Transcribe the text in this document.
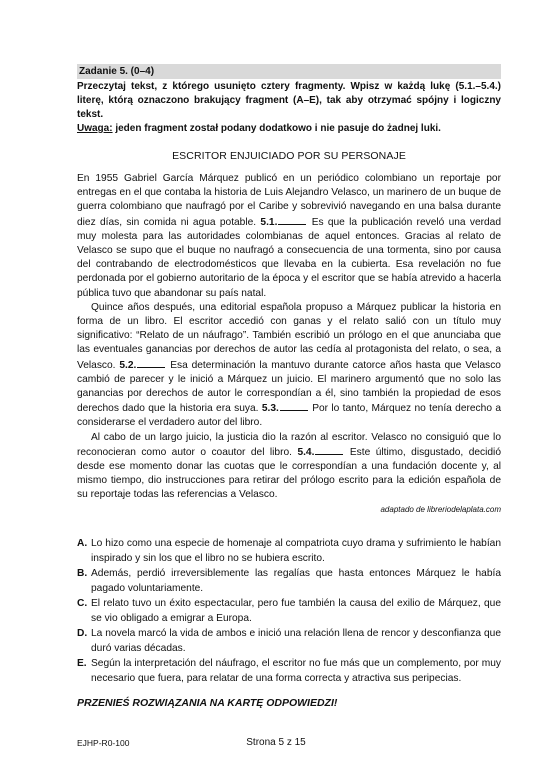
Zadanie 5. (0–4)
Przeczytaj tekst, z którego usunięto cztery fragmenty. Wpisz w każdą lukę (5.1.–5.4.) literę, którą oznaczono brakujący fragment (A–E), tak aby otrzymać spójny i logiczny tekst.
Uwaga: jeden fragment został podany dodatkowo i nie pasuje do żadnej luki.
ESCRITOR ENJUICIADO POR SU PERSONAJE

En 1955 Gabriel García Márquez publicó en un periódico colombiano un reportaje por entregas en el que contaba la historia de Luis Alejandro Velasco, un marinero de un buque de guerra colombiano que naufragó por el Caribe y sobrevivió navegando en una balsa durante diez días, sin comida ni agua potable. 5.1.	Es que la publicación reveló una verdad muy molesta para las autoridades colombianas de aquel entonces. Gracias al relato de Velasco se supo que el buque no naufragó a consecuencia de una tormenta, sino por causa del contrabando de electrodomésticos que llevaba en la cubierta. Esa revelación no fue perdonada por el gobierno autoritario de la época y el escritor que se había atrevido a hacerla pública tuvo que abandonar su país natal.

Quince años después, una editorial española propuso a Márquez publicar la historia en forma de un libro. El escritor accedió con ganas y el relato salió con un título muy significativo: “Relato de un náufrago”. También escribió un prólogo en el que anunciaba que las eventuales ganancias por derechos de autor las cedía al protagonista del relato, o sea, a Velasco. 5.2.	Esa determinación la mantuvo durante catorce años hasta que Velasco cambió de parecer y le inició a Márquez un juicio. El marinero argumentó que no solo las ganancias por derechos de autor le correspondían a él, sino también la propiedad de esos derechos dado que la historia era suya. 5.3.	Por lo tanto, Márquez no tenía derecho a considerarse el verdadero autor del libro.

Al cabo de un largo juicio, la justicia dio la razón al escritor. Velasco no consiguió que lo reconocieran como autor o coautor del libro. 5.4.	Este último, disgustado, decidió desde ese momento donar las cuotas que le correspondían a una fundación docente y, al mismo tiempo, dio instrucciones para retirar del prólogo escrito para la edición española de su reportaje todas las referencias a Velasco.

adaptado de librerіodelaplata.com
A. Lo hizo como una especie de homenaje al compatriota cuyo drama y sufrimiento le habían inspirado y sin los que el libro no se hubiera escrito.
B. Además, perdió irreversiblemente las regalías que hasta entonces Márquez le había pagado voluntariamente.
C. El relato tuvo un éxito espectacular, pero fue también la causa del exilio de Márquez, que se vio obligado a emigrar a Europa.
D. La novela marcó la vida de ambos e inició una relación llena de rencor y desconfianza que duró varias décadas.
E. Según la interpretación del náufrago, el escritor no fue más que un complemento, por muy necesario que fuera, para relatar de una forma correcta y atractiva sus peripecias.
PRZENIEŚ ROZWIĄZANIA NA KARTĘ ODPOWIEDZI!
EJHP-R0-100	Strona 5 z 15
